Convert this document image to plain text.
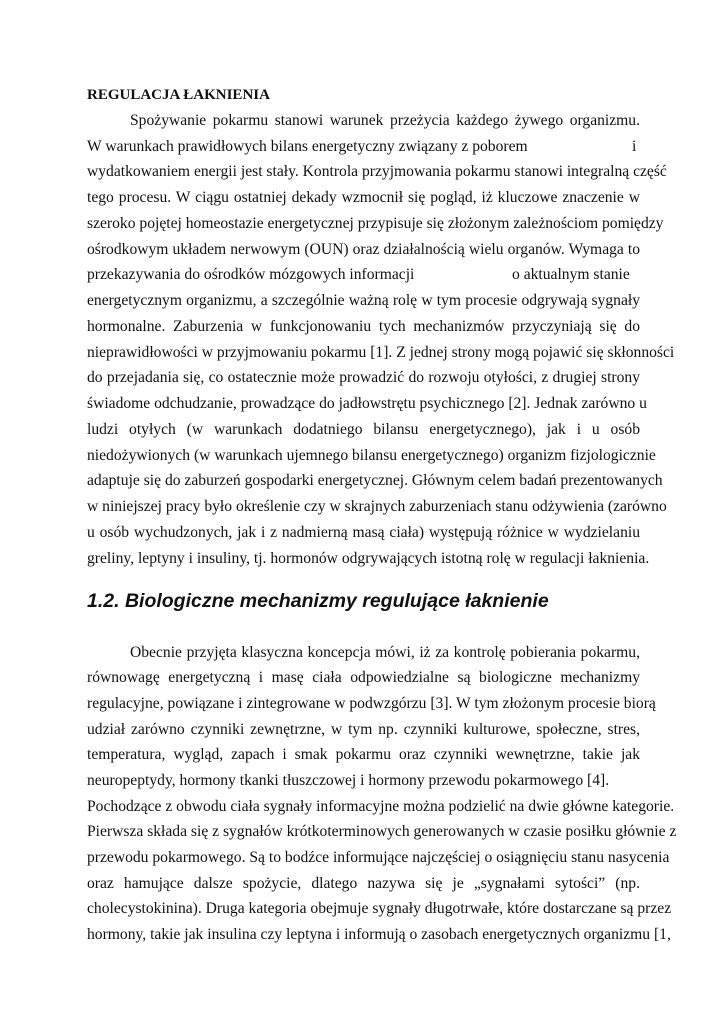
REGULACJA ŁAKNIENIA
Spożywanie pokarmu stanowi warunek przeżycia każdego żywego organizmu.
W warunkach prawidłowych bilans energetyczny związany z poborem	i
wydatkowaniem energii jest stały. Kontrola przyjmowania pokarmu stanowi integralną część
tego procesu. W ciągu ostatniej dekady wzmocnił się pogląd, iż kluczowe znaczenie w
szeroko pojętej homeostazie energetycznej przypisuje się złożonym zależnościom pomiędzy
ośrodkowym układem nerwowym (OUN) oraz działalnością wielu organów. Wymaga to
przekazywania do ośrodków mózgowych informacji	o aktualnym stanie
energetycznym organizmu, a szczególnie ważną rolę w tym procesie odgrywają sygnały
hormonalne. Zaburzenia w funkcjonowaniu tych mechanizmów przyczyniają się do
nieprawidłowości w przyjmowaniu pokarmu [1]. Z jednej strony mogą pojawić się skłonności
do przejadania się, co ostatecznie może prowadzić do rozwoju otyłości, z drugiej strony
świadome odchudzanie, prowadzące do jadłowstrętu psychicznego [2]. Jednak zarówno u
ludzi otyłych (w warunkach dodatniego bilansu energetycznego), jak i u osób
niedożywionych (w warunkach ujemnego bilansu energetycznego) organizm fizjologicznie
adaptuje się do zaburzeń gospodarki energetycznej. Głównym celem badań prezentowanych
w niniejszej pracy było określenie czy w skrajnych zaburzeniach stanu odżywienia (zarówno
u osób wychudzonych, jak i z nadmierną masą ciała) występują różnice w wydzielaniu
greliny, leptyny i insuliny, tj. hormonów odgrywających istotną rolę w regulacji łaknienia.
1.2. Biologiczne mechanizmy regulujące łaknienie
Obecnie przyjęta klasyczna koncepcja mówi, iż za kontrolę pobierania pokarmu,
równowagę energetyczną i masę ciała odpowiedzialne są biologiczne mechanizmy
regulacyjne, powiązane i zintegrowane w podwzgórzu [3]. W tym złożonym procesie biorą
udział zarówno czynniki zewnętrzne, w tym np. czynniki kulturowe, społeczne, stres,
temperatura, wygląd, zapach i smak pokarmu oraz czynniki wewnętrzne, takie jak
neuropeptydy, hormony tkanki tłuszczowej i hormony przewodu pokarmowego [4].
Pochodzące z obwodu ciała sygnały informacyjne można podzielić na dwie główne kategorie.
Pierwsza składa się z sygnałów krótkoterminowych generowanych w czasie posiłku głównie z
przewodu pokarmowego. Są to bodźce informujące najczęściej o osiągnięciu stanu nasycenia
oraz hamujące dalsze spożycie, dlatego nazywa się je „sygnałami sytości” (np.
cholecystokinina). Druga kategoria obejmuje sygnały długotrwałe, które dostarczane są przez
hormony, takie jak insulina czy leptyna i informują o zasobach energetycznych organizmu [1,
